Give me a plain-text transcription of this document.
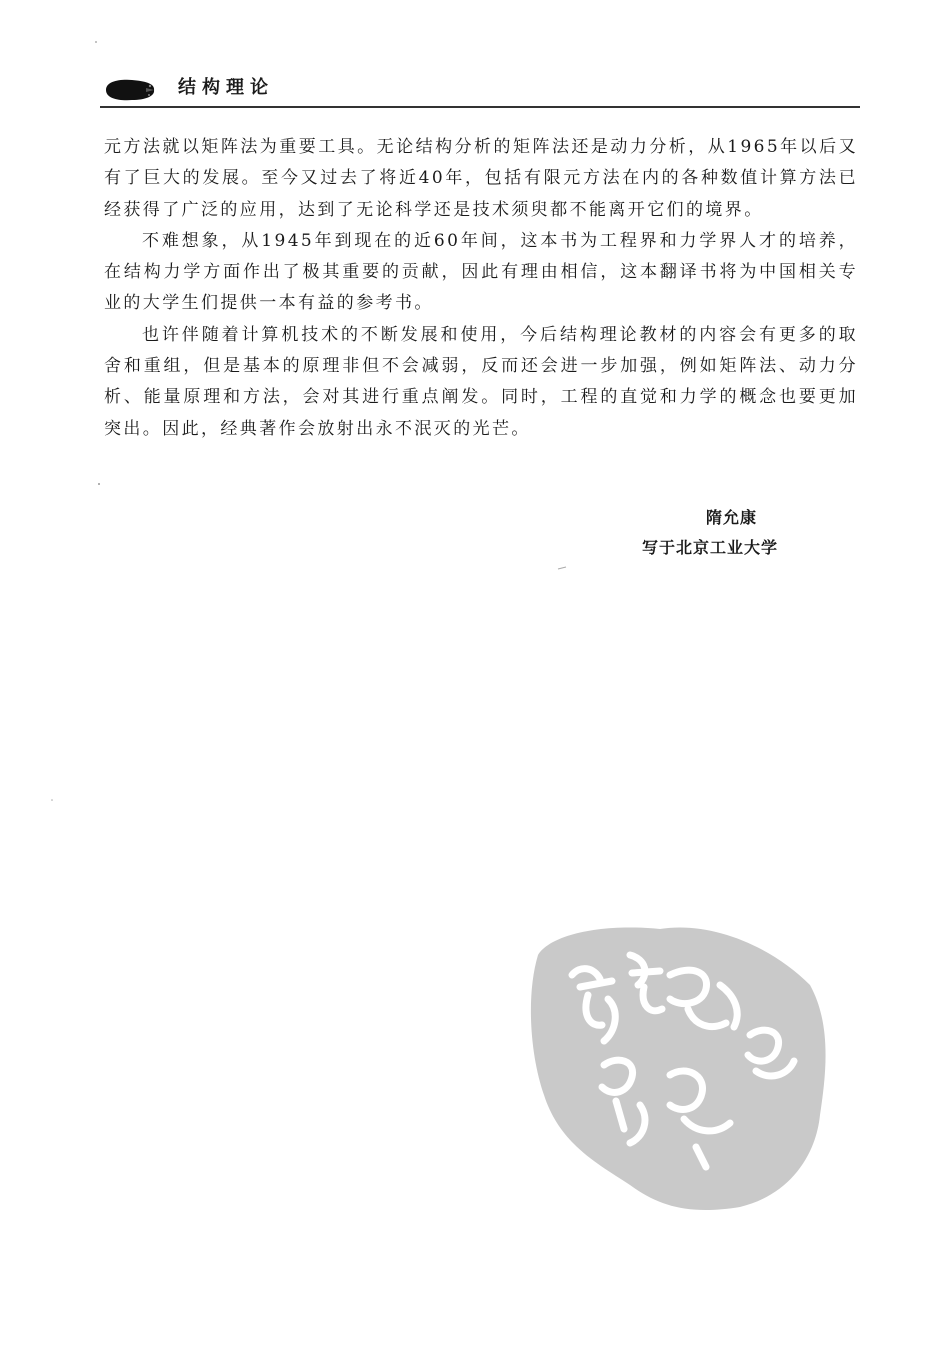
结构理论

元方法就以矩阵法为重要工具。无论结构分析的矩阵法还是动力分析，从1965年以后又有了巨大的发展。至今又过去了将近40年，包括有限元方法在内的各种数值计算方法已经获得了广泛的应用，达到了无论科学还是技术须臾都不能离开它们的境界。

不难想象，从1945年到现在的近60年间，这本书为工程界和力学界人才的培养，在结构力学方面作出了极其重要的贡献，因此有理由相信，这本翻译书将为中国相关专业的大学生们提供一本有益的参考书。

也许伴随着计算机技术的不断发展和使用，今后结构理论教材的内容会有更多的取舍和重组，但是基本的原理非但不会减弱，反而还会进一步加强，例如矩阵法、动力分析、能量原理和方法，会对其进行重点阐发。同时，工程的直觉和力学的概念也要更加突出。因此，经典著作会放射出永不泯灭的光芒。

隋允康
写于北京工业大学
